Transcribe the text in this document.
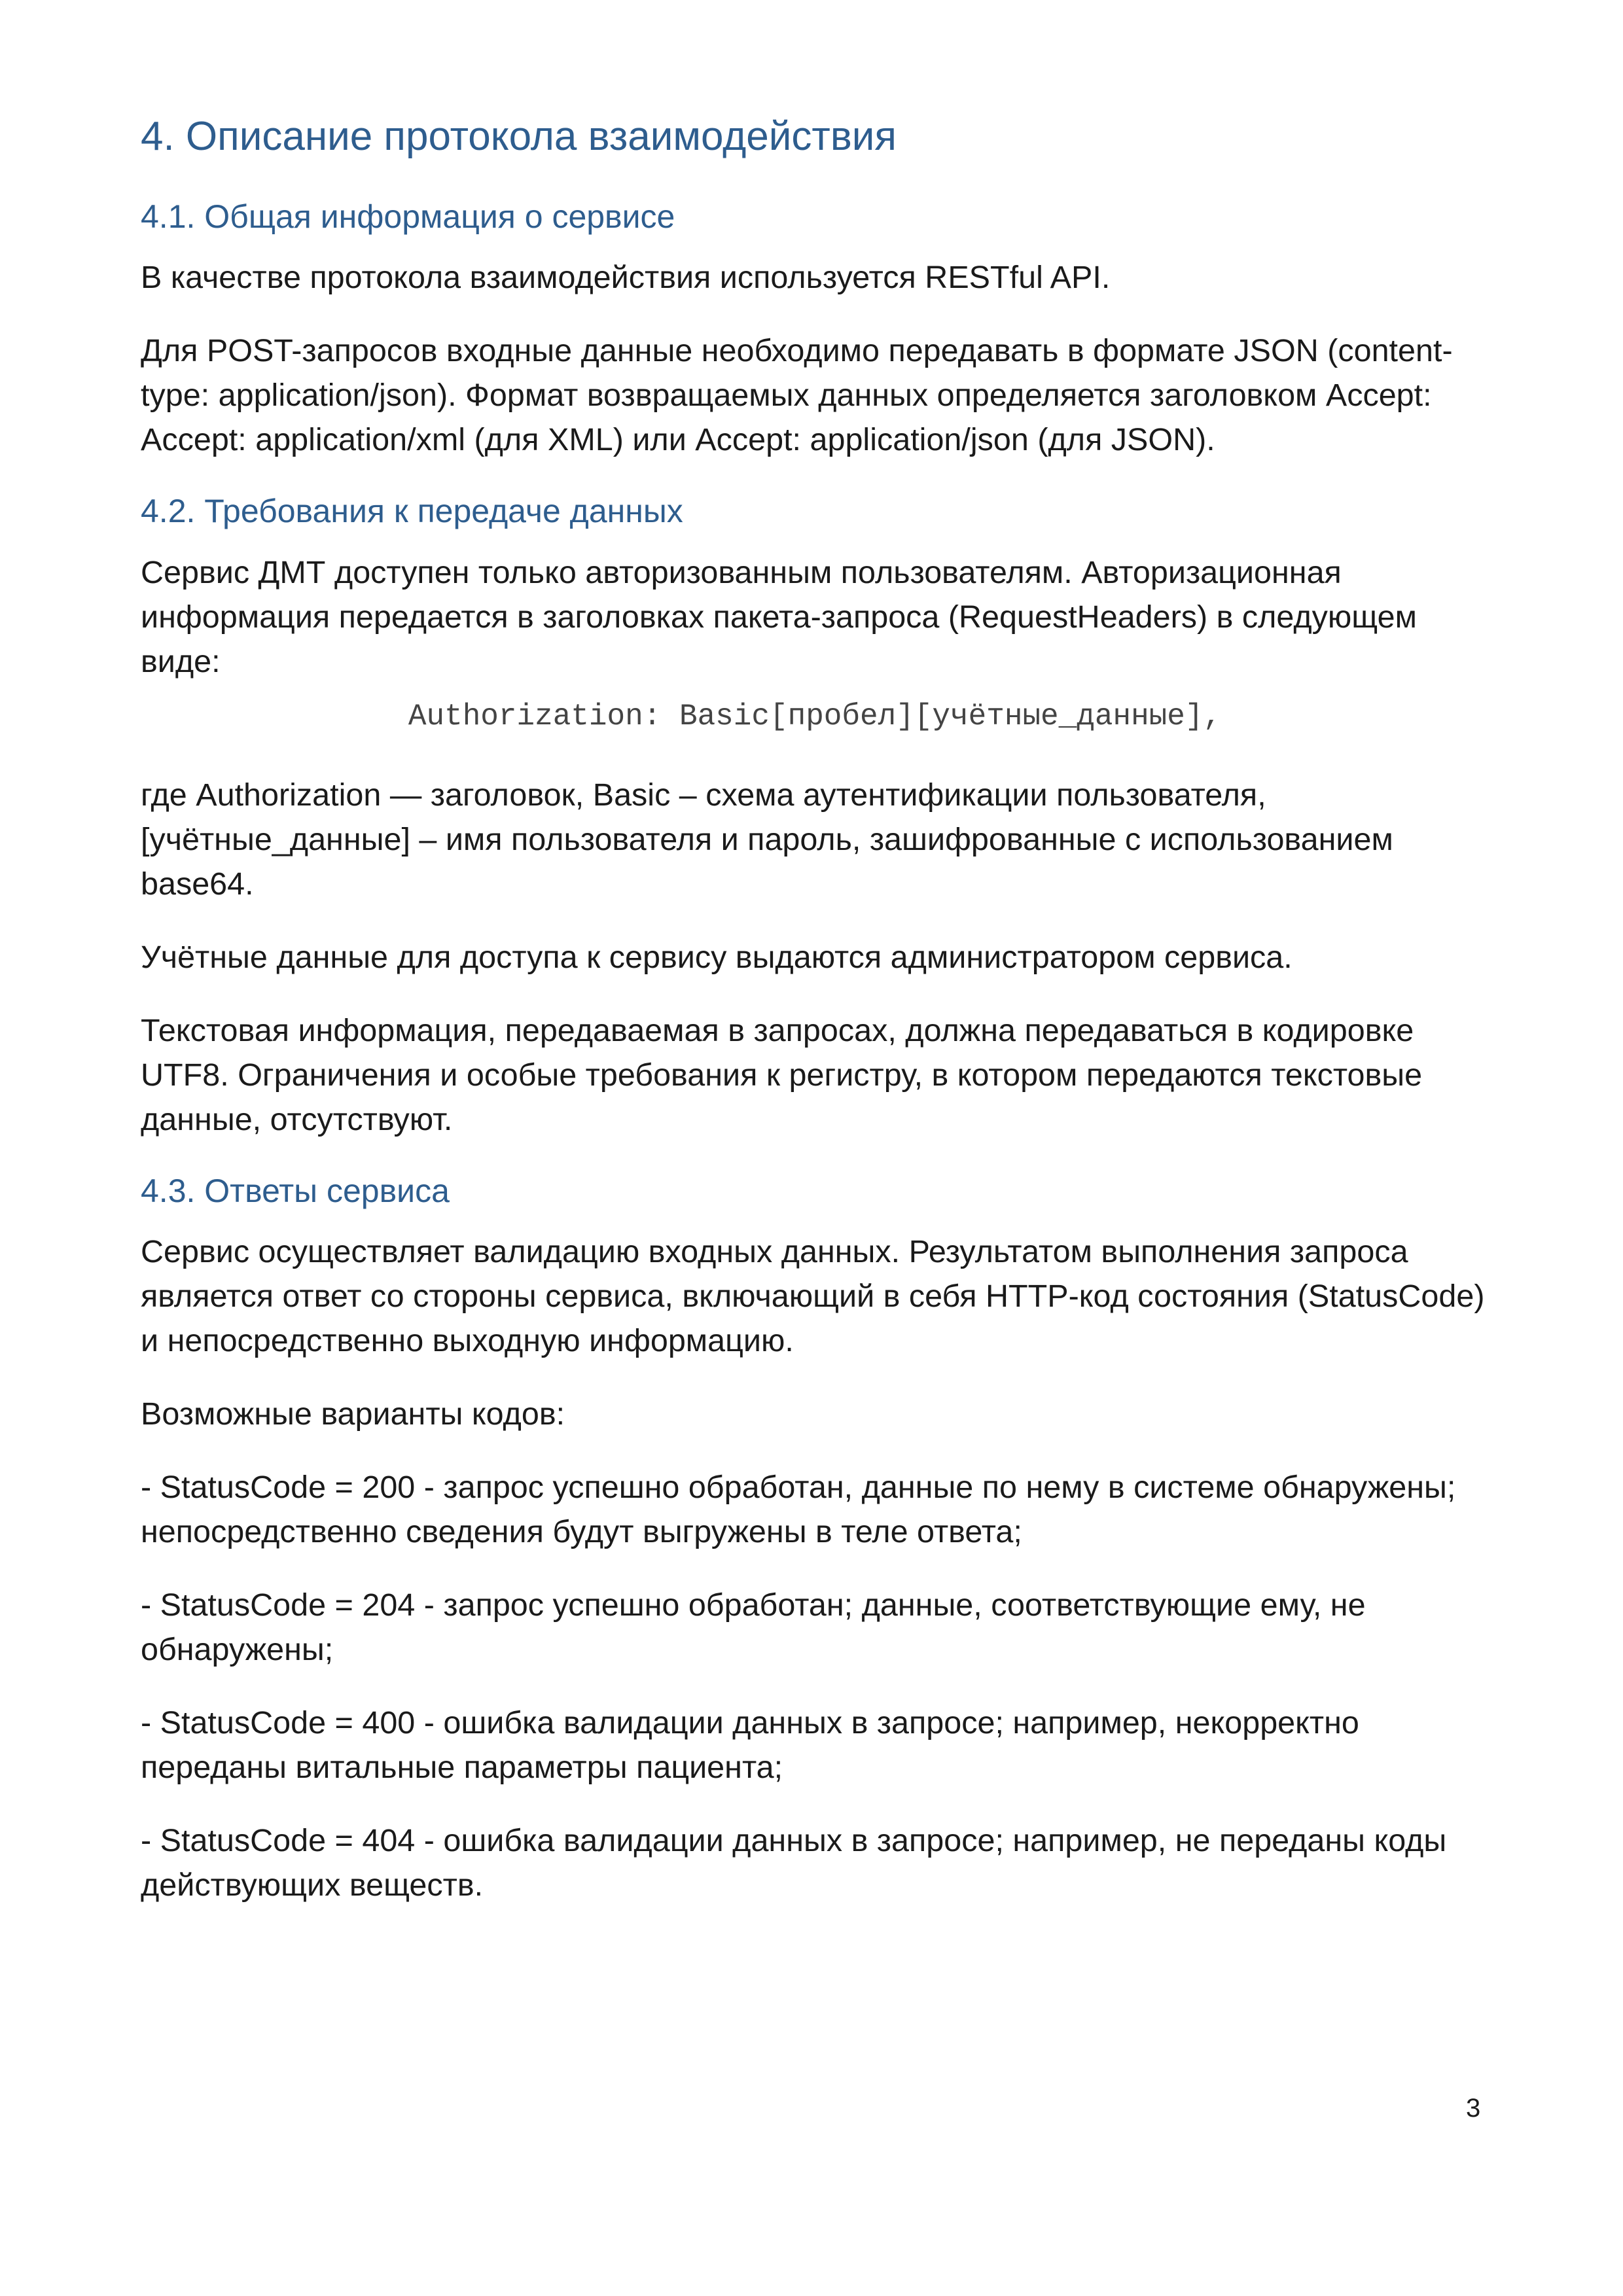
4. Описание протокола взаимодействия
4.1. Общая информация о сервисе

В качестве протокола взаимодействия используется RESTful API.

Для POST-запросов входные данные необходимо передавать в формате JSON (content-type: application/json). Формат возвращаемых данных определяется заголовком Accept: Accept: application/xml (для XML) или Accept: application/json (для JSON).

4.2. Требования к передаче данных

Сервис ДМТ доступен только авторизованным пользователям. Авторизационная информация передается в заголовках пакета-запроса (RequestHeaders) в следующем виде:

Authorization: Basic[пробел][учётные_данные],

где Authorization — заголовок, Basic – схема аутентификации пользователя, [учётные_данные] – имя пользователя и пароль, зашифрованные с использованием base64.

Учётные данные для доступа к сервису выдаются администратором сервиса.

Текстовая информация, передаваемая в запросах, должна передаваться в кодировке UTF8. Ограничения и особые требования к регистру, в котором передаются текстовые данные, отсутствуют.

4.3. Ответы сервиса

Сервис осуществляет валидацию входных данных. Результатом выполнения запроса является ответ со стороны сервиса, включающий в себя HTTP-код состояния (StatusCode) и непосредственно выходную информацию.

Возможные варианты кодов:

- StatusCode = 200 - запрос успешно обработан, данные по нему в системе обнаружены; непосредственно сведения будут выгружены в теле ответа;

- StatusCode = 204 - запрос успешно обработан; данные, соответствующие ему, не обнаружены;

- StatusCode = 400 - ошибка валидации данных в запросе; например, некорректно переданы витальные параметры пациента;

- StatusCode = 404 - ошибка валидации данных в запросе; например, не переданы коды действующих веществ.

3
